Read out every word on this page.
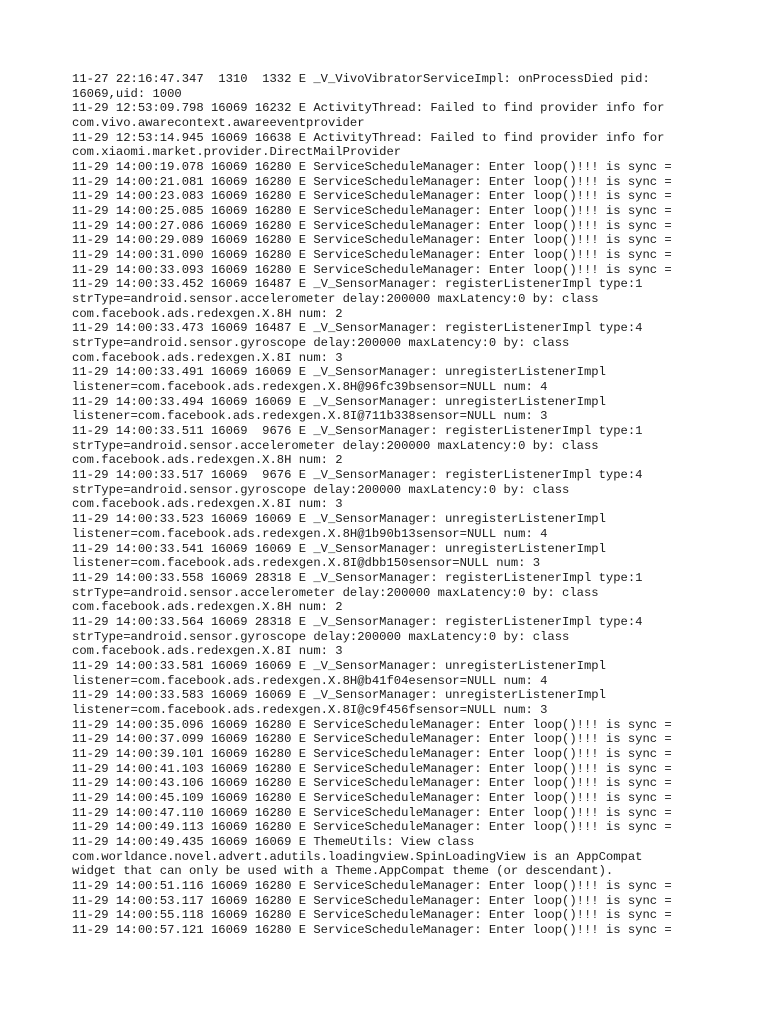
11-27 22:16:47.347  1310  1332 E _V_VivoVibratorServiceImpl: onProcessDied pid:
16069,uid: 1000
11-29 12:53:09.798 16069 16232 E ActivityThread: Failed to find provider info for
com.vivo.awarecontext.awareeventprovider
11-29 12:53:14.945 16069 16638 E ActivityThread: Failed to find provider info for
com.xiaomi.market.provider.DirectMailProvider
11-29 14:00:19.078 16069 16280 E ServiceScheduleManager: Enter loop()!!! is sync =
11-29 14:00:21.081 16069 16280 E ServiceScheduleManager: Enter loop()!!! is sync =
11-29 14:00:23.083 16069 16280 E ServiceScheduleManager: Enter loop()!!! is sync =
11-29 14:00:25.085 16069 16280 E ServiceScheduleManager: Enter loop()!!! is sync =
11-29 14:00:27.086 16069 16280 E ServiceScheduleManager: Enter loop()!!! is sync =
11-29 14:00:29.089 16069 16280 E ServiceScheduleManager: Enter loop()!!! is sync =
11-29 14:00:31.090 16069 16280 E ServiceScheduleManager: Enter loop()!!! is sync =
11-29 14:00:33.093 16069 16280 E ServiceScheduleManager: Enter loop()!!! is sync =
11-29 14:00:33.452 16069 16487 E _V_SensorManager: registerListenerImpl type:1
strType=android.sensor.accelerometer delay:200000 maxLatency:0 by: class
com.facebook.ads.redexgen.X.8H num: 2
11-29 14:00:33.473 16069 16487 E _V_SensorManager: registerListenerImpl type:4
strType=android.sensor.gyroscope delay:200000 maxLatency:0 by: class
com.facebook.ads.redexgen.X.8I num: 3
11-29 14:00:33.491 16069 16069 E _V_SensorManager: unregisterListenerImpl
listener=com.facebook.ads.redexgen.X.8H@96fc39bsensor=NULL num: 4
11-29 14:00:33.494 16069 16069 E _V_SensorManager: unregisterListenerImpl
listener=com.facebook.ads.redexgen.X.8I@711b338sensor=NULL num: 3
11-29 14:00:33.511 16069  9676 E _V_SensorManager: registerListenerImpl type:1
strType=android.sensor.accelerometer delay:200000 maxLatency:0 by: class
com.facebook.ads.redexgen.X.8H num: 2
11-29 14:00:33.517 16069  9676 E _V_SensorManager: registerListenerImpl type:4
strType=android.sensor.gyroscope delay:200000 maxLatency:0 by: class
com.facebook.ads.redexgen.X.8I num: 3
11-29 14:00:33.523 16069 16069 E _V_SensorManager: unregisterListenerImpl
listener=com.facebook.ads.redexgen.X.8H@1b90b13sensor=NULL num: 4
11-29 14:00:33.541 16069 16069 E _V_SensorManager: unregisterListenerImpl
listener=com.facebook.ads.redexgen.X.8I@dbb150sensor=NULL num: 3
11-29 14:00:33.558 16069 28318 E _V_SensorManager: registerListenerImpl type:1
strType=android.sensor.accelerometer delay:200000 maxLatency:0 by: class
com.facebook.ads.redexgen.X.8H num: 2
11-29 14:00:33.564 16069 28318 E _V_SensorManager: registerListenerImpl type:4
strType=android.sensor.gyroscope delay:200000 maxLatency:0 by: class
com.facebook.ads.redexgen.X.8I num: 3
11-29 14:00:33.581 16069 16069 E _V_SensorManager: unregisterListenerImpl
listener=com.facebook.ads.redexgen.X.8H@b41f04esensor=NULL num: 4
11-29 14:00:33.583 16069 16069 E _V_SensorManager: unregisterListenerImpl
listener=com.facebook.ads.redexgen.X.8I@c9f456fsensor=NULL num: 3
11-29 14:00:35.096 16069 16280 E ServiceScheduleManager: Enter loop()!!! is sync =
11-29 14:00:37.099 16069 16280 E ServiceScheduleManager: Enter loop()!!! is sync =
11-29 14:00:39.101 16069 16280 E ServiceScheduleManager: Enter loop()!!! is sync =
11-29 14:00:41.103 16069 16280 E ServiceScheduleManager: Enter loop()!!! is sync =
11-29 14:00:43.106 16069 16280 E ServiceScheduleManager: Enter loop()!!! is sync =
11-29 14:00:45.109 16069 16280 E ServiceScheduleManager: Enter loop()!!! is sync =
11-29 14:00:47.110 16069 16280 E ServiceScheduleManager: Enter loop()!!! is sync =
11-29 14:00:49.113 16069 16280 E ServiceScheduleManager: Enter loop()!!! is sync =
11-29 14:00:49.435 16069 16069 E ThemeUtils: View class
com.worldance.novel.advert.adutils.loadingview.SpinLoadingView is an AppCompat
widget that can only be used with a Theme.AppCompat theme (or descendant).
11-29 14:00:51.116 16069 16280 E ServiceScheduleManager: Enter loop()!!! is sync =
11-29 14:00:53.117 16069 16280 E ServiceScheduleManager: Enter loop()!!! is sync =
11-29 14:00:55.118 16069 16280 E ServiceScheduleManager: Enter loop()!!! is sync =
11-29 14:00:57.121 16069 16280 E ServiceScheduleManager: Enter loop()!!! is sync =
